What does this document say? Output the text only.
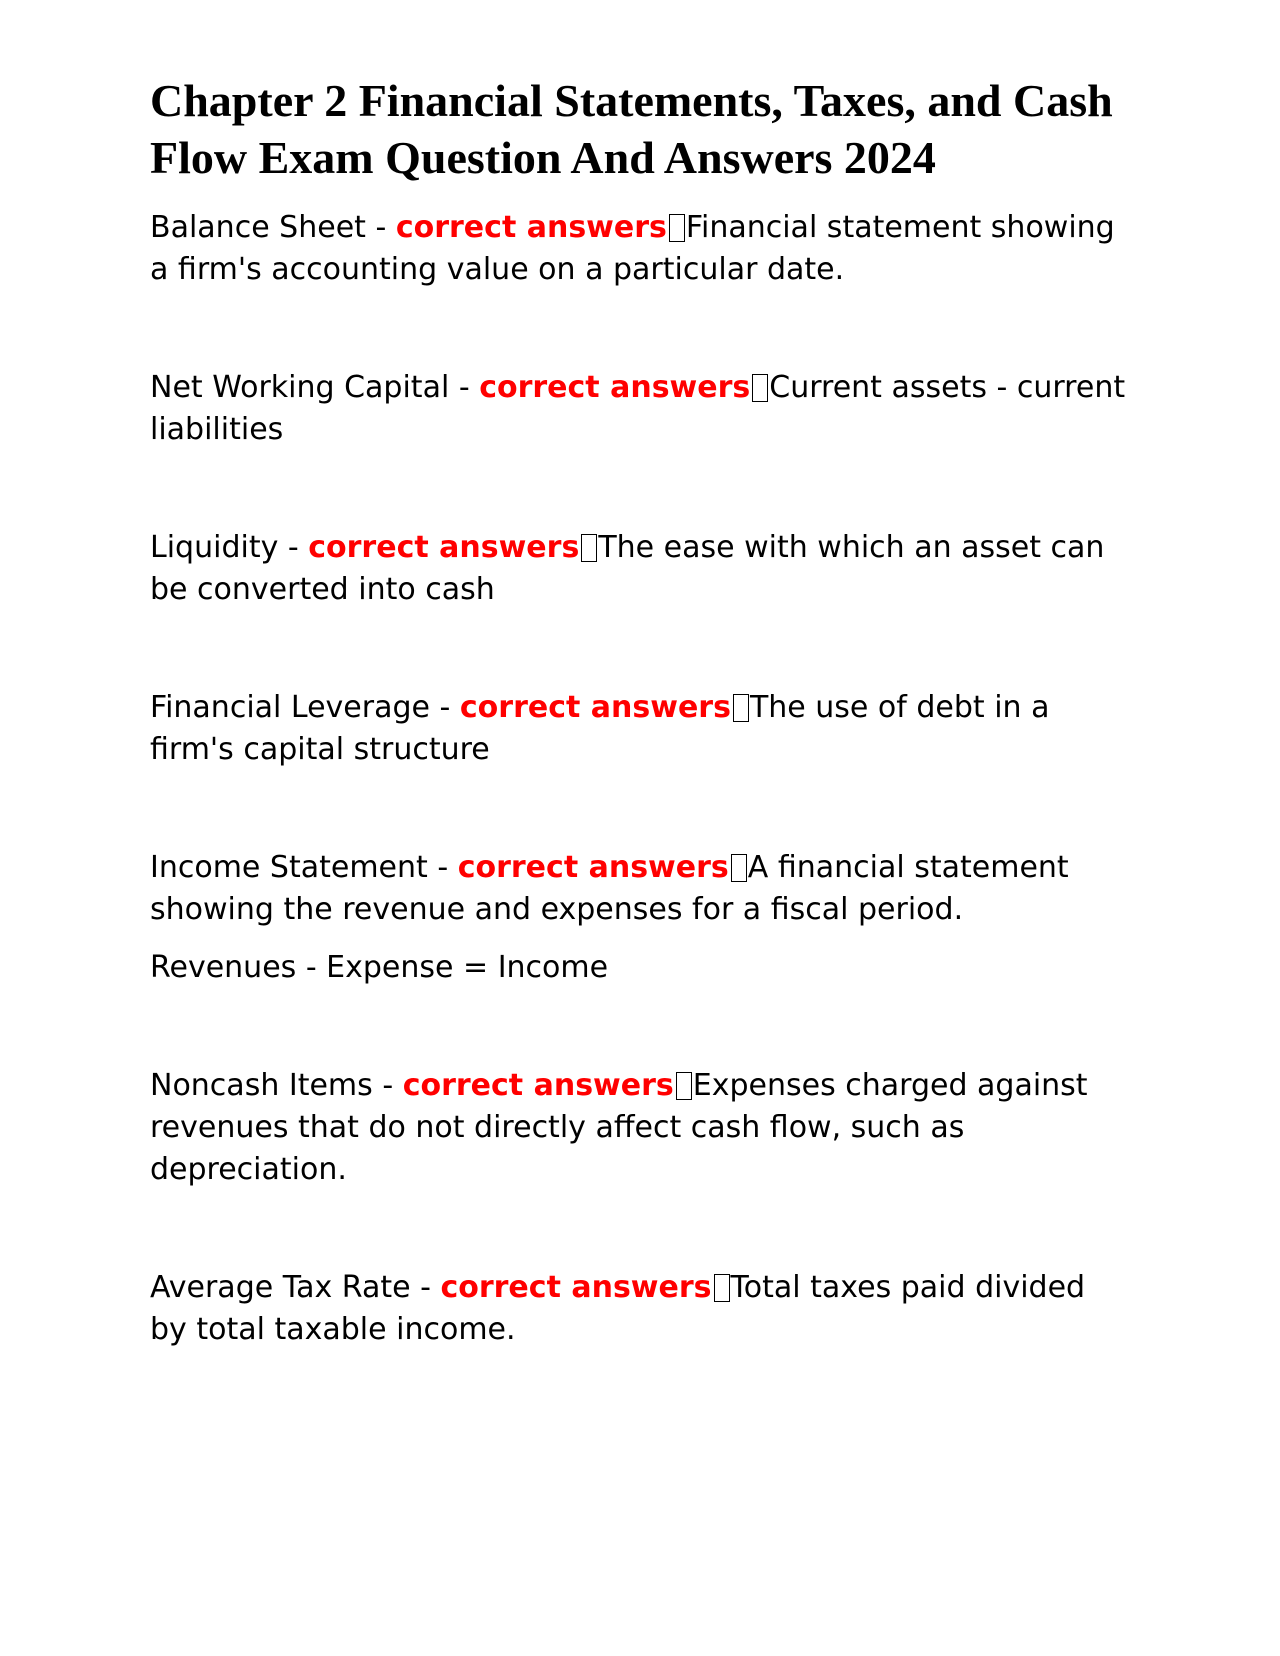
Chapter 2 Financial Statements, Taxes, and Cash Flow Exam Question And Answers 2024

Balance Sheet - correct answers Financial statement showing a firm's accounting value on a particular date.

Net Working Capital - correct answers Current assets - current liabilities

Liquidity - correct answers The ease with which an asset can be converted into cash

Financial Leverage - correct answers The use of debt in a firm's capital structure

Income Statement - correct answers A financial statement showing the revenue and expenses for a fiscal period.

Revenues - Expense = Income

Noncash Items - correct answers Expenses charged against revenues that do not directly affect cash flow, such as depreciation.

Average Tax Rate - correct answers Total taxes paid divided by total taxable income.
